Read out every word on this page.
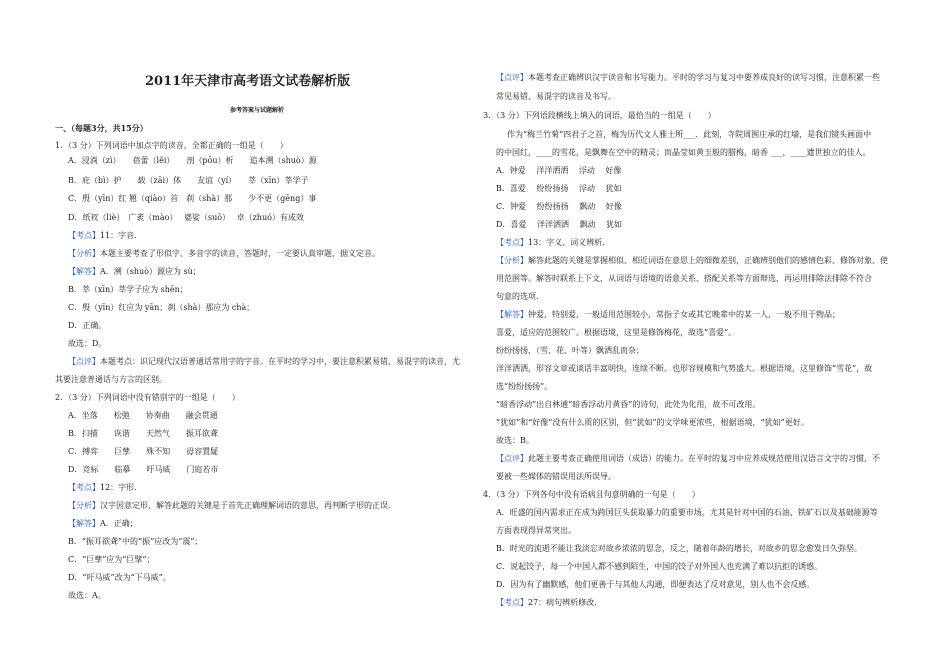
2011年天津市高考语文试卷解析版
参考答案与试题解析
一、（每题3分，共15分）
1．（3 分）下列词语中加点字的读音，全都正确的一组是（　　）
A．浸淌（zì）　　蓓蕾（lěi）　　剖（pōu）析　　追本溯（shuò）源
B．庇（bì）护　　载（zāi）体　　友谊（yí）　　莘（xīn）莘学子
C．殷（yīn）红 翘（qiào）首　刹（shà）那　　少不更（gēng）事
D．纸衩（liè）　广袤（mào）　 婆娑（suō）　 卓（zhuó）有成效
【考点】11：字音．
【分析】本题主要考查了形似字、多音字的读音，答题时，一定要认真审题，据义定音。
【解答】A．溯（shuò）源应为 sù；
B．莘（xīn）莘学子应为 shēn；
C．殷（yīn）红应为 yān；刹（shà）那应为 chà；
D．正确。
故选：D。
【点评】本题考点：识记现代汉语普通话常用字的字音。在平时的学习中，要注意积累易错、易混字的读音，尤
其要注意普通话与方言的区别。
2．（3 分）下列词语中没有错别字的一组是（　　）
A．坐落　　松弛　　协奏曲　　融会贯通
B．扫描　　诙谐　　天然气　　振耳欲聋
C．搏弈　　巨孳　　殊不知　　毋容置疑
D．竞标　　临摹　　吁马威　　门庭若市
【考点】12：字形．
【分析】汉字因意定形，解答此题的关键是于首先正确理解词语的意思，再判断字形的正误．
【解答】A．正确；
B．“振耳欲聋”中的“振”应改为“震”；
C．“巨孳”应为“巨擘”；
D．“吁马威”改为“下马威”。
故选：A。
【点评】本题考查正确辨识汉字读音和书写能力。平时的学习与复习中要养成良好的读写习惯，注意积累一些
常见易错、易混字的读音及书写。
3．（3 分）下列语段横线上填入的词语，最恰当的一组是（　　）
作为“梅兰竹菊”四君子之首，梅为历代文人雅士所___．此刻，寺院周围庄承的红墙，是我们镜头画面中
的中国红，____的雪花，是飘舞在空中的精灵；而晶莹如黄玉般的腊梅，暗香 ___，____遗世独立的佳人。
A．钟爱　 洋洋洒洒　 浮动　 好像
B．喜爱　 纷纷扬扬　 浮动　 犹如
C．钟爱　 纷纷扬扬　 飘动　 好像
D．喜爱　 洋洋洒洒　 飘动　 犹如
【考点】13：字义、词义辨析．
【分析】解答此题的关键是掌握相似、相近词语在意思上的细微差别，正确辨别他们的感情色彩、修饰对象、使
用范围等。解答时联系上下文，从词语与语境的语意关系、搭配关系等方面辩选，再运用排除法排除不符合
句意的选项.
【解答】钟爱，特别爱，一般适用范围较小，常指子女或其它晚辈中的某一人，一般不用于物品；
喜爱，适应的范围较广。根据语境，这里是修饰梅花，故选“喜爱”。
纷纷扬扬，（雪、花、叶等）飘洒乱而杂；
洋洋洒洒，形容文章或谈话丰富明快，连续不断。也形容规模和气势盛大。根据语境，这里修饰“雪花”，故
选“纷纷扬扬”。
“暗香浮动”出自林逋“暗香浮动月黄昏”的诗句，此处为化用，故不可改用。
“犹如”和“好像”没有什么质的区别，但“犹如”的文学味更浓些，根据语境，“犹如”更好。
故选：B。
【点评】此题主要考查正确使用词语（成语）的能力。在平时的复习中应养成规范使用汉语言文字的习惯，不
要被一些媒体的错误用法所误导。
4．（3 分）下列各句中没有语病且句意明确的一句是（　　）
A．旺盛的国内需求正在成为跨国巨头获取暴力的重要市场，尤其是针对中国的石油、铁矿石以及基础能源等
方面表现得异常突出。
B．时光的流逝不能让我淡忘对故乡浓浓的思念，反之，随着年龄的增长，对故乡的思念愈发日久弥坚。
C．说起饺子，每一个中国人都不感到陌生，中国的饺子对外国人也充满了难以抗拒的诱惑。
D．因为有了幽默感，他们更善于与其他人沟通，即便表达了反对意见，别人也不会反感。
【考点】27：病句辨析修改．
